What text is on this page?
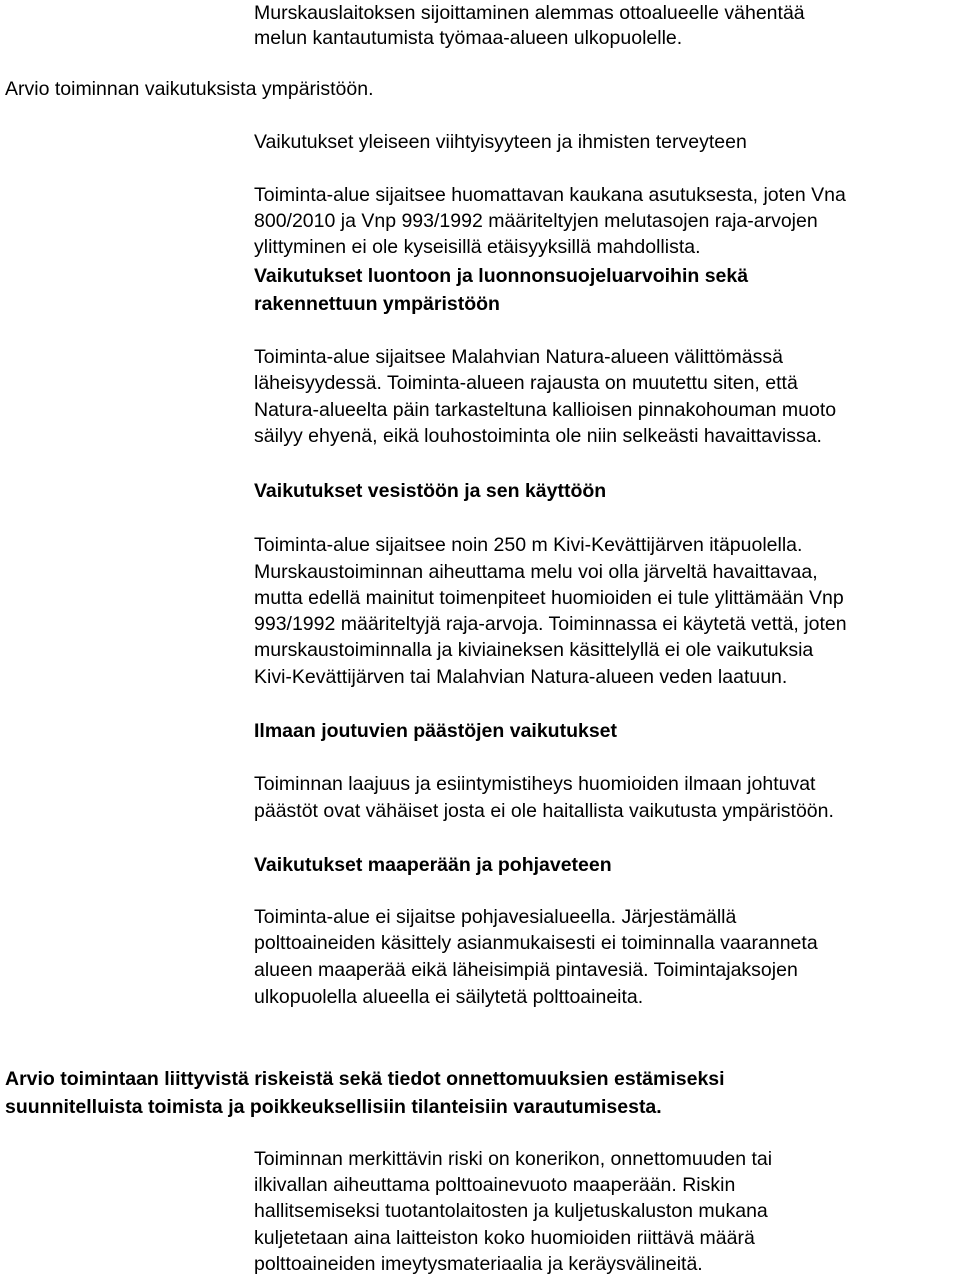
Murskauslaitoksen sijoittaminen alemmas ottoalueelle vähentää
melun kantautumista työmaa-alueen ulkopuolelle.
Arvio toiminnan vaikutuksista ympäristöön.
Vaikutukset yleiseen viihtyisyyteen ja ihmisten terveyteen
Toiminta-alue sijaitsee huomattavan kaukana asutuksesta, joten Vna
800/2010 ja Vnp 993/1992 määriteltyjen melutasojen raja-arvojen
ylittyminen ei ole kyseisillä etäisyyksillä mahdollista.
Vaikutukset luontoon ja luonnonsuojeluarvoihin sekä
rakennettuun ympäristöön
Toiminta-alue sijaitsee Malahvian Natura-alueen välittömässä
läheisyydessä. Toiminta-alueen rajausta on muutettu siten, että
Natura-alueelta päin tarkasteltuna kallioisen pinnakohouman muoto
säilyy ehyenä, eikä louhostoiminta ole niin selkeästi havaittavissa.
Vaikutukset vesistöön ja sen käyttöön
Toiminta-alue sijaitsee noin 250 m Kivi-Kevättijärven itäpuolella.
Murskaustoiminnan aiheuttama melu voi olla järveltä havaittavaa,
mutta edellä mainitut toimenpiteet huomioiden ei tule ylittämään Vnp
993/1992 määriteltyjä raja-arvoja. Toiminnassa ei käytetä vettä, joten
murskaustoiminnalla ja kiviaineksen käsittelyllä ei ole vaikutuksia
Kivi-Kevättijärven tai Malahvian Natura-alueen veden laatuun.
Ilmaan joutuvien päästöjen vaikutukset
Toiminnan laajuus ja esiintymistiheys huomioiden ilmaan johtuvat
päästöt ovat vähäiset josta ei ole haitallista vaikutusta ympäristöön.
Vaikutukset maaperään ja pohjaveteen
Toiminta-alue ei sijaitse pohjavesialueella. Järjestämällä
polttoaineiden käsittely asianmukaisesti ei toiminnalla vaaranneta
alueen maaperää eikä läheisimpiä pintavesiä. Toimintajaksojen
ulkopuolella alueella ei säilytetä polttoaineita.
Arvio toimintaan liittyvistä riskeistä sekä tiedot onnettomuuksien estämiseksi
suunnitelluista toimista ja poikkeuksellisiin tilanteisiin varautumisesta.
Toiminnan merkittävin riski on konerikon, onnettomuuden tai
ilkivallan aiheuttama polttoainevuoto maaperään. Riskin
hallitsemiseksi tuotantolaitosten ja kuljetuskaluston mukana
kuljetetaan aina laitteiston koko huomioiden riittävä määrä
polttoaineiden imeytysmateriaalia ja keräysvälineitä.
